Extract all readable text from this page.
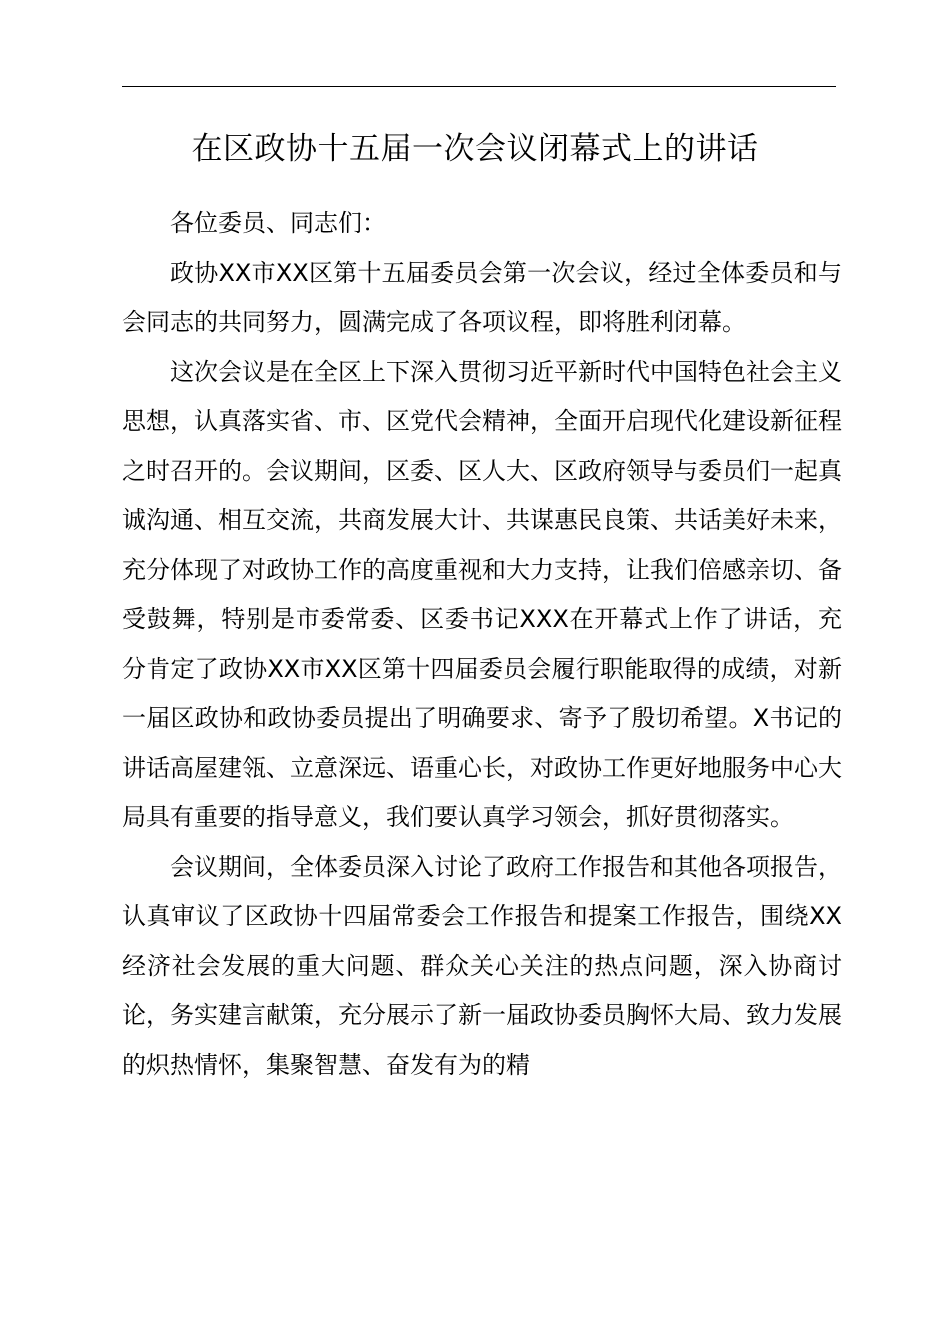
在区政协十五届一次会议闭幕式上的讲话

各位委员、同志们：

政协XX市XX区第十五届委员会第一次会议，经过全体委员和与会同志的共同努力，圆满完成了各项议程，即将胜利闭幕。

这次会议是在全区上下深入贯彻习近平新时代中国特色社会主义思想，认真落实省、市、区党代会精神，全面开启现代化建设新征程之时召开的。会议期间，区委、区人大、区政府领导与委员们一起真诚沟通、相互交流，共商发展大计、共谋惠民良策、共话美好未来，充分体现了对政协工作的高度重视和大力支持，让我们倍感亲切、备受鼓舞，特别是市委常委、区委书记XXX在开幕式上作了讲话，充分肯定了政协XX市XX区第十四届委员会履行职能取得的成绩，对新一届区政协和政协委员提出了明确要求、寄予了殷切希望。X书记的讲话高屋建瓴、立意深远、语重心长，对政协工作更好地服务中心大局具有重要的指导意义，我们要认真学习领会，抓好贯彻落实。

会议期间，全体委员深入讨论了政府工作报告和其他各项报告，认真审议了区政协十四届常委会工作报告和提案工作报告，围绕XX经济社会发展的重大问题、群众关心关注的热点问题，深入协商讨论，务实建言献策，充分展示了新一届政协委员胸怀大局、致力发展的炽热情怀，集聚智慧、奋发有为的精
